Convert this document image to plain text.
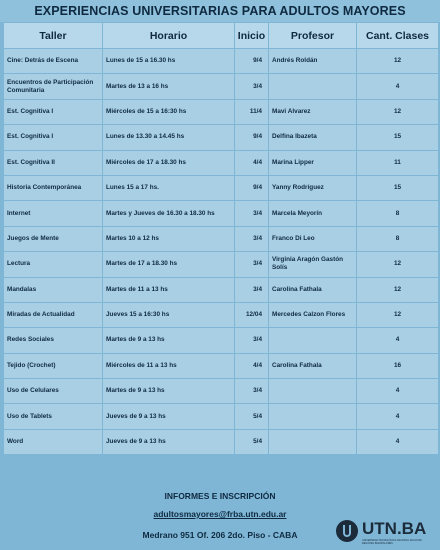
EXPERIENCIAS UNIVERSITARIAS PARA ADULTOS MAYORES
Taller	Horario	Inicio	Profesor	Cant. Clases
Cine: Detrás de Escena	Lunes de 15 a 16.30 hs	9/4	Andrés Roldán	12
Encuentros de Participación Comunitaria	Martes de 13 a 16 hs	3/4		4
Est. Cognitiva I	Miércoles de 15 a 16:30 hs	11/4	Mavi Alvarez	12
Est. Cognitiva I	Lunes de 13.30 a 14.45 hs	9/4	Delfina Ibazeta	15
Est. Cognitiva II	Miércoles de 17 a 18.30 hs	4/4	Marina Lipper	11
Historia Contemporánea	Lunes 15 a 17 hs.	9/4	Yanny Rodríguez	15
Internet	Martes y Jueves de 16.30 a 18.30 hs	3/4	Marcela Meyorín	8
Juegos de Mente	Martes 10 a 12 hs	3/4	Franco Di Leo	8
Lectura	Martes de 17 a 18.30 hs	3/4	Virginia Aragón Gastón Solís	12
Mandalas	Martes de 11 a 13 hs	3/4	Carolina Fathala	12
Miradas de Actualidad	Jueves 15 a 16:30 hs	12/04	Mercedes Calzon Flores	12
Redes Sociales	Martes de 9 a 13 hs	3/4		4
Tejido (Crochet)	Miércoles de 11 a 13 hs	4/4	Carolina Fathala	16
Uso de Celulares	Martes de 9 a 13 hs	3/4		4
Uso de Tablets	Jueves de 9 a 13 hs	5/4		4
Word	Jueves de 9 a 13 hs	5/4		4
INFORMES E INSCRIPCIÓN
adultosmayores@frba.utn.edu.ar
Medrano 951 Of. 206 2do. Piso - CABA	UTN.BA
UNIVERSIDAD TECNOLÓGICA NACIONAL FACULTAD REGIONAL BUENOS AIRES
